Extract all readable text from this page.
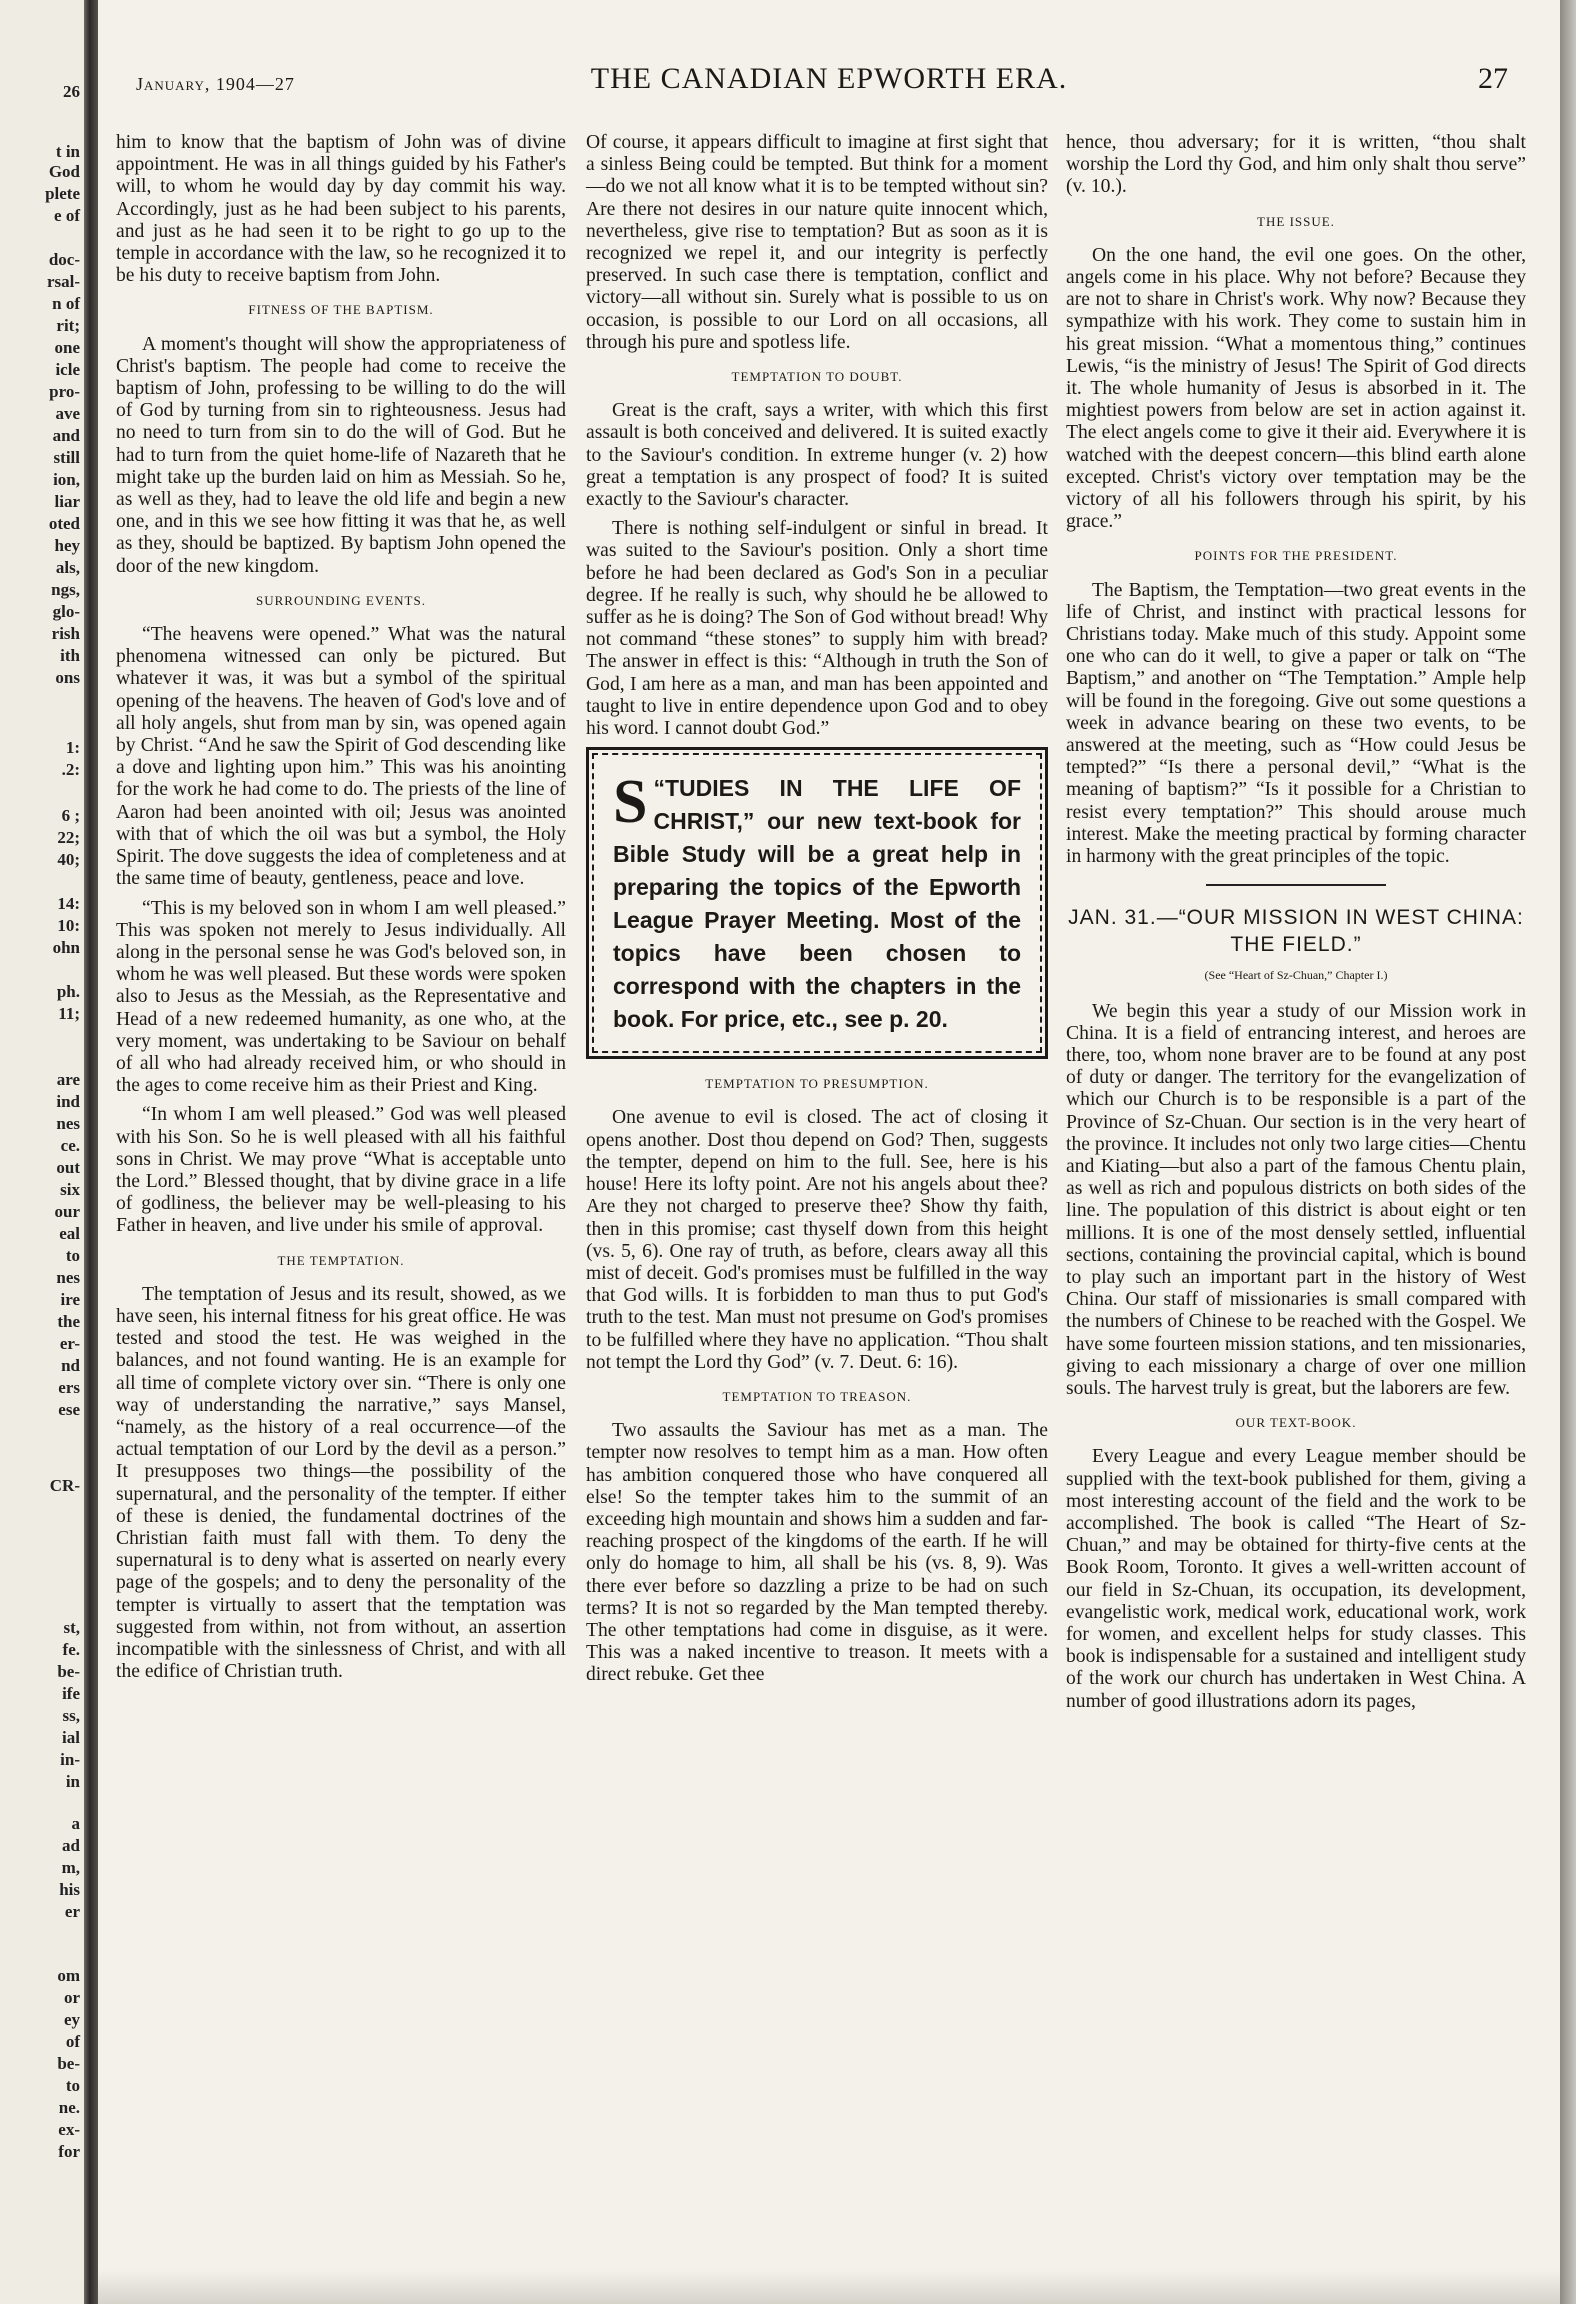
26
t in
God
plete
e of
doc-
rsal-
n of
rit;
one
icle
pro-
ave
and
still
ion,
liar
oted
hey
als,
ngs,
glo-
rish
ith
ons
1:
.2:
6 ;
22;
40;
14:
10:
ohn
ph.
11;
are
ind
nes
ce.
out
six
our
eal
to
nes
ire
the
er-
nd
ers
ese
CR-
st,
fe.
be-
ife
ss,
ial
in-
in
a
ad
m,
his
er
om
or
ey
of
be-
to
ne.
ex-
for
January, 1904—27	THE CANADIAN EPWORTH ERA.	27

him to know that the baptism of John was of divine appointment. He was in all things guided by his Father's will, to whom he would day by day commit his way. Accordingly, just as he had been subject to his parents, and just as he had seen it to be right to go up to the temple in accordance with the law, so he recognized it to be his duty to receive baptism from John.

FITNESS OF THE BAPTISM.

A moment's thought will show the appropriateness of Christ's baptism. The people had come to receive the baptism of John, professing to be willing to do the will of God by turning from sin to righteousness. Jesus had no need to turn from sin to do the will of God. But he had to turn from the quiet home-life of Nazareth that he might take up the burden laid on him as Messiah. So he, as well as they, had to leave the old life and begin a new one, and in this we see how fitting it was that he, as well as they, should be baptized. By baptism John opened the door of the new kingdom.

SURROUNDING EVENTS.

“The heavens were opened.” What was the natural phenomena witnessed can only be pictured. But whatever it was, it was but a symbol of the spiritual opening of the heavens. The heaven of God's love and of all holy angels, shut from man by sin, was opened again by Christ. “And he saw the Spirit of God descending like a dove and lighting upon him.” This was his anointing for the work he had come to do. The priests of the line of Aaron had been anointed with oil; Jesus was anointed with that of which the oil was but a symbol, the Holy Spirit. The dove suggests the idea of completeness and at the same time of beauty, gentleness, peace and love.

“This is my beloved son in whom I am well pleased.” This was spoken not merely to Jesus individually. All along in the personal sense he was God's beloved son, in whom he was well pleased. But these words were spoken also to Jesus as the Messiah, as the Representative and Head of a new redeemed humanity, as one who, at the very moment, was undertaking to be Saviour on behalf of all who had already received him, or who should in the ages to come receive him as their Priest and King.

“In whom I am well pleased.” God was well pleased with his Son. So he is well pleased with all his faithful sons in Christ. We may prove “What is acceptable unto the Lord.” Blessed thought, that by divine grace in a life of godliness, the believer may be well-pleasing to his Father in heaven, and live under his smile of approval.

THE TEMPTATION.

The temptation of Jesus and its result, showed, as we have seen, his internal fitness for his great office. He was tested and stood the test. He was weighed in the balances, and not found wanting. He is an example for all time of complete victory over sin. “There is only one way of understanding the narrative,” says Mansel, “namely, as the history of a real occurrence—of the actual temptation of our Lord by the devil as a person.” It presupposes two things—the possibility of the supernatural, and the personality of the tempter. If either of these is denied, the fundamental doctrines of the Christian faith must fall with them. To deny the supernatural is to deny what is asserted on nearly every page of the gospels; and to deny the personality of the tempter is virtually to assert that the temptation was suggested from within, not from without, an assertion incompatible with the sinlessness of Christ, and with all the edifice of Christian truth.

Of course, it appears difficult to imagine at first sight that a sinless Being could be tempted. But think for a moment—do we not all know what it is to be tempted without sin? Are there not desires in our nature quite innocent which, nevertheless, give rise to temptation? But as soon as it is recognized we repel it, and our integrity is perfectly preserved. In such case there is temptation, conflict and victory—all without sin. Surely what is possible to us on occasion, is possible to our Lord on all occasions, all through his pure and spotless life.

TEMPTATION TO DOUBT.

Great is the craft, says a writer, with which this first assault is both conceived and delivered. It is suited exactly to the Saviour's condition. In extreme hunger (v. 2) how great a temptation is any prospect of food? It is suited exactly to the Saviour's character.

There is nothing self-indulgent or sinful in bread. It was suited to the Saviour's position. Only a short time before he had been declared as God's Son in a peculiar degree. If he really is such, why should he be allowed to suffer as he is doing? The Son of God without bread! Why not command “these stones” to supply him with bread? The answer in effect is this: “Although in truth the Son of God, I am here as a man, and man has been appointed and taught to live in entire dependence upon God and to obey his word. I cannot doubt God.”

“
S TUDIES IN THE LIFE OF CHRIST,” our new text-book for Bible Study will be a great help in preparing the topics of the Epworth League Prayer Meeting. Most of the topics have been chosen to correspond with the chapters in the book. For price, etc., see p. 20.
TEMPTATION TO PRESUMPTION.

One avenue to evil is closed. The act of closing it opens another. Dost thou depend on God? Then, suggests the tempter, depend on him to the full. See, here is his house! Here its lofty point. Are not his angels about thee? Are they not charged to preserve thee? Show thy faith, then in this promise; cast thyself down from this height (vs. 5, 6). One ray of truth, as before, clears away all this mist of deceit. God's promises must be fulfilled in the way that God wills. It is forbidden to man thus to put God's truth to the test. Man must not presume on God's promises to be fulfilled where they have no application. “Thou shalt not tempt the Lord thy God” (v. 7. Deut. 6: 16).

TEMPTATION TO TREASON.

Two assaults the Saviour has met as a man. The tempter now resolves to tempt him as a man. How often has ambition conquered those who have conquered all else! So the tempter takes him to the summit of an exceeding high mountain and shows him a sudden and far-reaching prospect of the kingdoms of the earth. If he will only do homage to him, all shall be his (vs. 8, 9). Was there ever before so dazzling a prize to be had on such terms? It is not so regarded by the Man tempted thereby. The other temptations had come in disguise, as it were. This was a naked incentive to treason. It meets with a direct rebuke. Get thee

hence, thou adversary; for it is written, “thou shalt worship the Lord thy God, and him only shalt thou serve” (v. 10.).

THE ISSUE.

On the one hand, the evil one goes. On the other, angels come in his place. Why not before? Because they are not to share in Christ's work. Why now? Because they sympathize with his work. They come to sustain him in his great mission. “What a momentous thing,” continues Lewis, “is the ministry of Jesus! The Spirit of God directs it. The whole humanity of Jesus is absorbed in it. The mightiest powers from below are set in action against it. The elect angels come to give it their aid. Everywhere it is watched with the deepest concern—this blind earth alone excepted. Christ's victory over temptation may be the victory of all his followers through his spirit, by his grace.”

POINTS FOR THE PRESIDENT.

The Baptism, the Temptation—two great events in the life of Christ, and instinct with practical lessons for Christians today. Make much of this study. Appoint some one who can do it well, to give a paper or talk on “The Baptism,” and another on “The Temptation.” Ample help will be found in the foregoing. Give out some questions a week in advance bearing on these two events, to be answered at the meeting, such as “How could Jesus be tempted?” “Is there a personal devil,” “What is the meaning of baptism?” “Is it possible for a Christian to resist every temptation?” This should arouse much interest. Make the meeting practical by forming character in harmony with the great principles of the topic.

JAN. 31.—“OUR MISSION IN WEST CHINA: THE FIELD.”
(See “Heart of Sz-Chuan,” Chapter I.)

We begin this year a study of our Mission work in China. It is a field of entrancing interest, and heroes are there, too, whom none braver are to be found at any post of duty or danger. The territory for the evangelization of which our Church is to be responsible is a part of the Province of Sz-Chuan. Our section is in the very heart of the province. It includes not only two large cities—Chentu and Kiating—but also a part of the famous Chentu plain, as well as rich and populous districts on both sides of the line. The population of this district is about eight or ten millions. It is one of the most densely settled, influential sections, containing the provincial capital, which is bound to play such an important part in the history of West China. Our staff of missionaries is small compared with the numbers of Chinese to be reached with the Gospel. We have some fourteen mission stations, and ten missionaries, giving to each missionary a charge of over one million souls. The harvest truly is great, but the laborers are few.

OUR TEXT-BOOK.

Every League and every League member should be supplied with the text-book published for them, giving a most interesting account of the field and the work to be accomplished. The book is called “The Heart of Sz-Chuan,” and may be obtained for thirty-five cents at the Book Room, Toronto. It gives a well-written account of our field in Sz-Chuan, its occupation, its development, evangelistic work, medical work, educational work, work for women, and excellent helps for study classes. This book is indispensable for a sustained and intelligent study of the work our church has undertaken in West China. A number of good illustrations adorn its pages,
